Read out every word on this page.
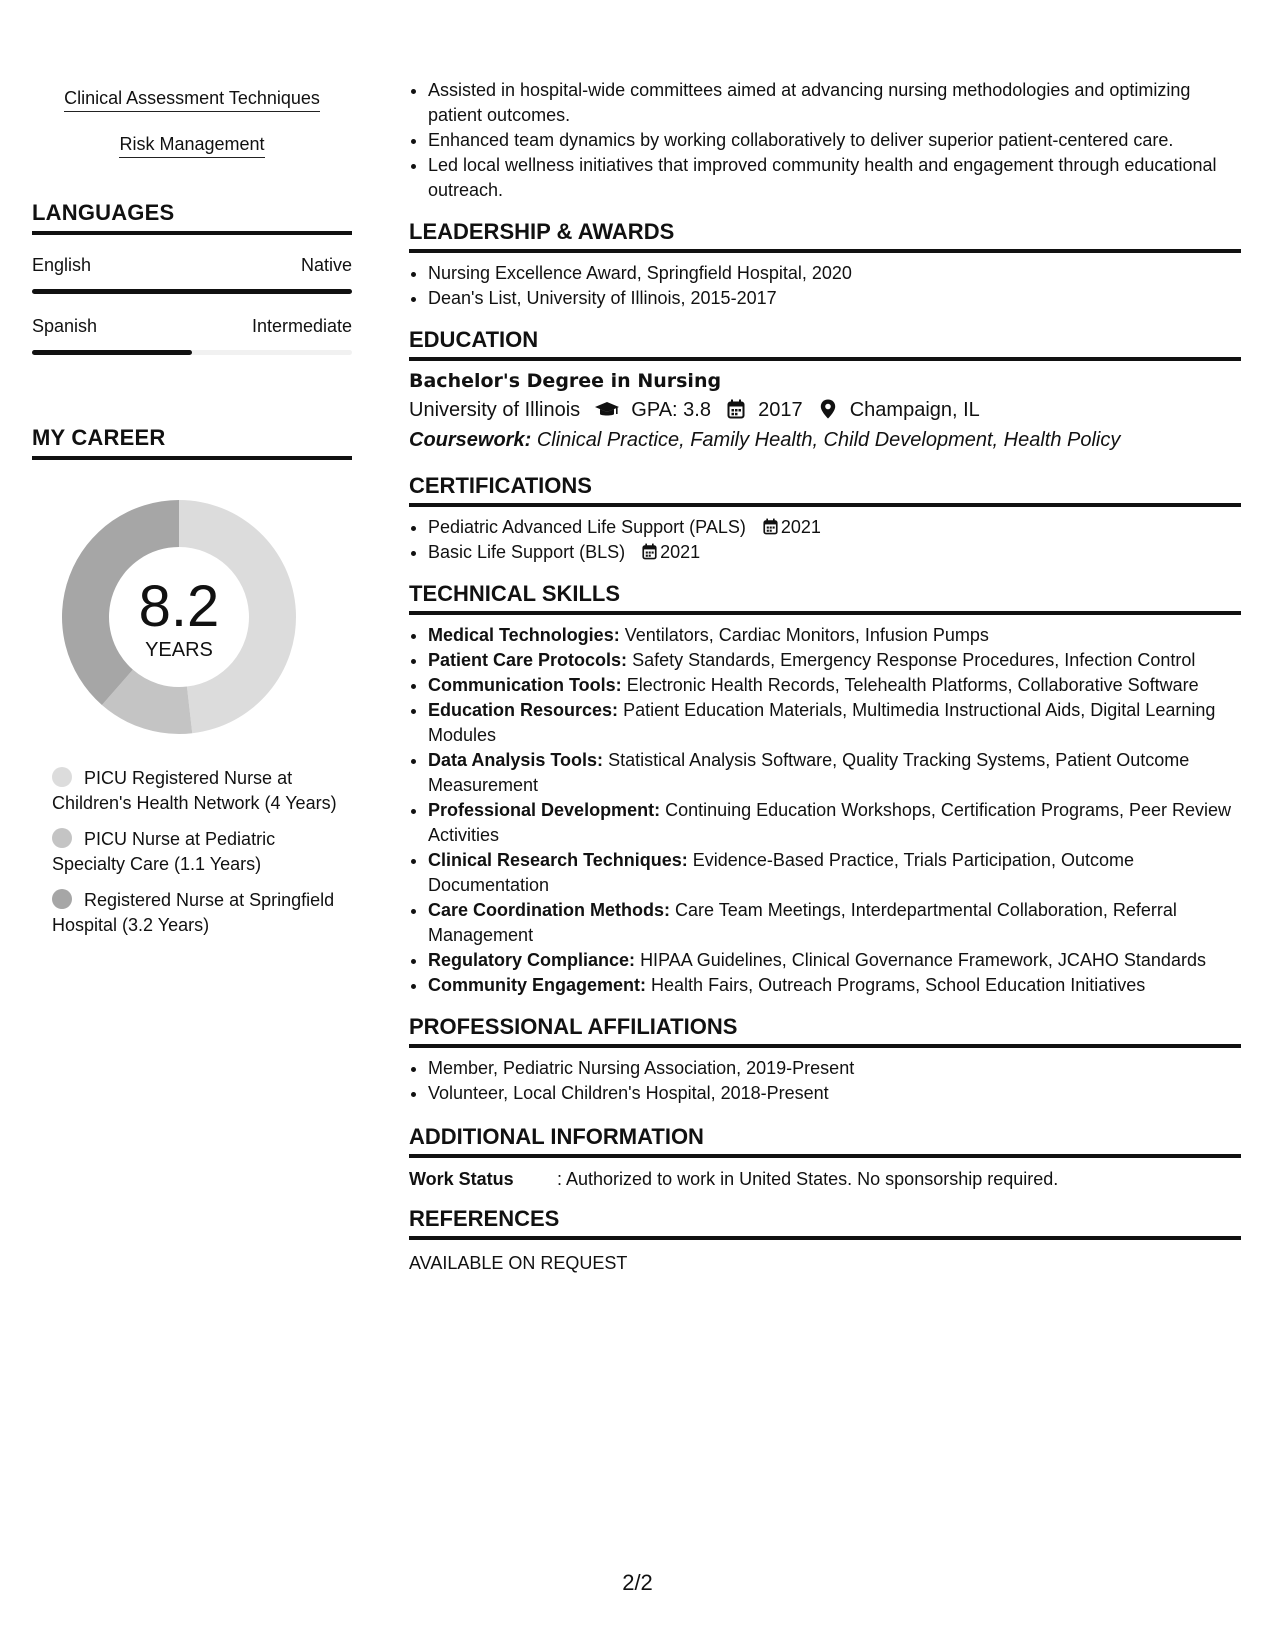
Clinical Assessment Techniques
Risk Management
LANGUAGES
English	Native
Spanish	Intermediate
MY CAREER
8.2
YEARS
PICU Registered Nurse at Children's Health Network (4 Years)
PICU Nurse at Pediatric Specialty Care (1.1 Years)
Registered Nurse at Springfield Hospital (3.2 Years)
• Assisted in hospital-wide committees aimed at advancing nursing methodologies and optimizing patient outcomes.
• Enhanced team dynamics by working collaboratively to deliver superior patient-centered care.
• Led local wellness initiatives that improved community health and engagement through educational outreach.
LEADERSHIP & AWARDS
• Nursing Excellence Award, Springfield Hospital, 2020
• Dean's List, University of Illinois, 2015-2017
EDUCATION
Bachelor's Degree in Nursing
University of Illinois	GPA: 3.8 2017 Champaign, IL
Coursework: Clinical Practice, Family Health, Child Development, Health Policy
CERTIFICATIONS
• Pediatric Advanced Life Support (PALS) 2021
• Basic Life Support (BLS) 2021
TECHNICAL SKILLS
• Medical Technologies: Ventilators, Cardiac Monitors, Infusion Pumps
• Patient Care Protocols: Safety Standards, Emergency Response Procedures, Infection Control
• Communication Tools: Electronic Health Records, Telehealth Platforms, Collaborative Software
• Education Resources: Patient Education Materials, Multimedia Instructional Aids, Digital Learning Modules
• Data Analysis Tools: Statistical Analysis Software, Quality Tracking Systems, Patient Outcome Measurement
• Professional Development: Continuing Education Workshops, Certification Programs, Peer Review Activities
• Clinical Research Techniques: Evidence-Based Practice, Trials Participation, Outcome Documentation
• Care Coordination Methods: Care Team Meetings, Interdepartmental Collaboration, Referral Management
• Regulatory Compliance: HIPAA Guidelines, Clinical Governance Framework, JCAHO Standards
• Community Engagement: Health Fairs, Outreach Programs, School Education Initiatives
PROFESSIONAL AFFILIATIONS
• Member, Pediatric Nursing Association, 2019-Present
• Volunteer, Local Children's Hospital, 2018-Present
ADDITIONAL INFORMATION
Work Status : Authorized to work in United States. No sponsorship required.
REFERENCES
AVAILABLE ON REQUEST
2/2
